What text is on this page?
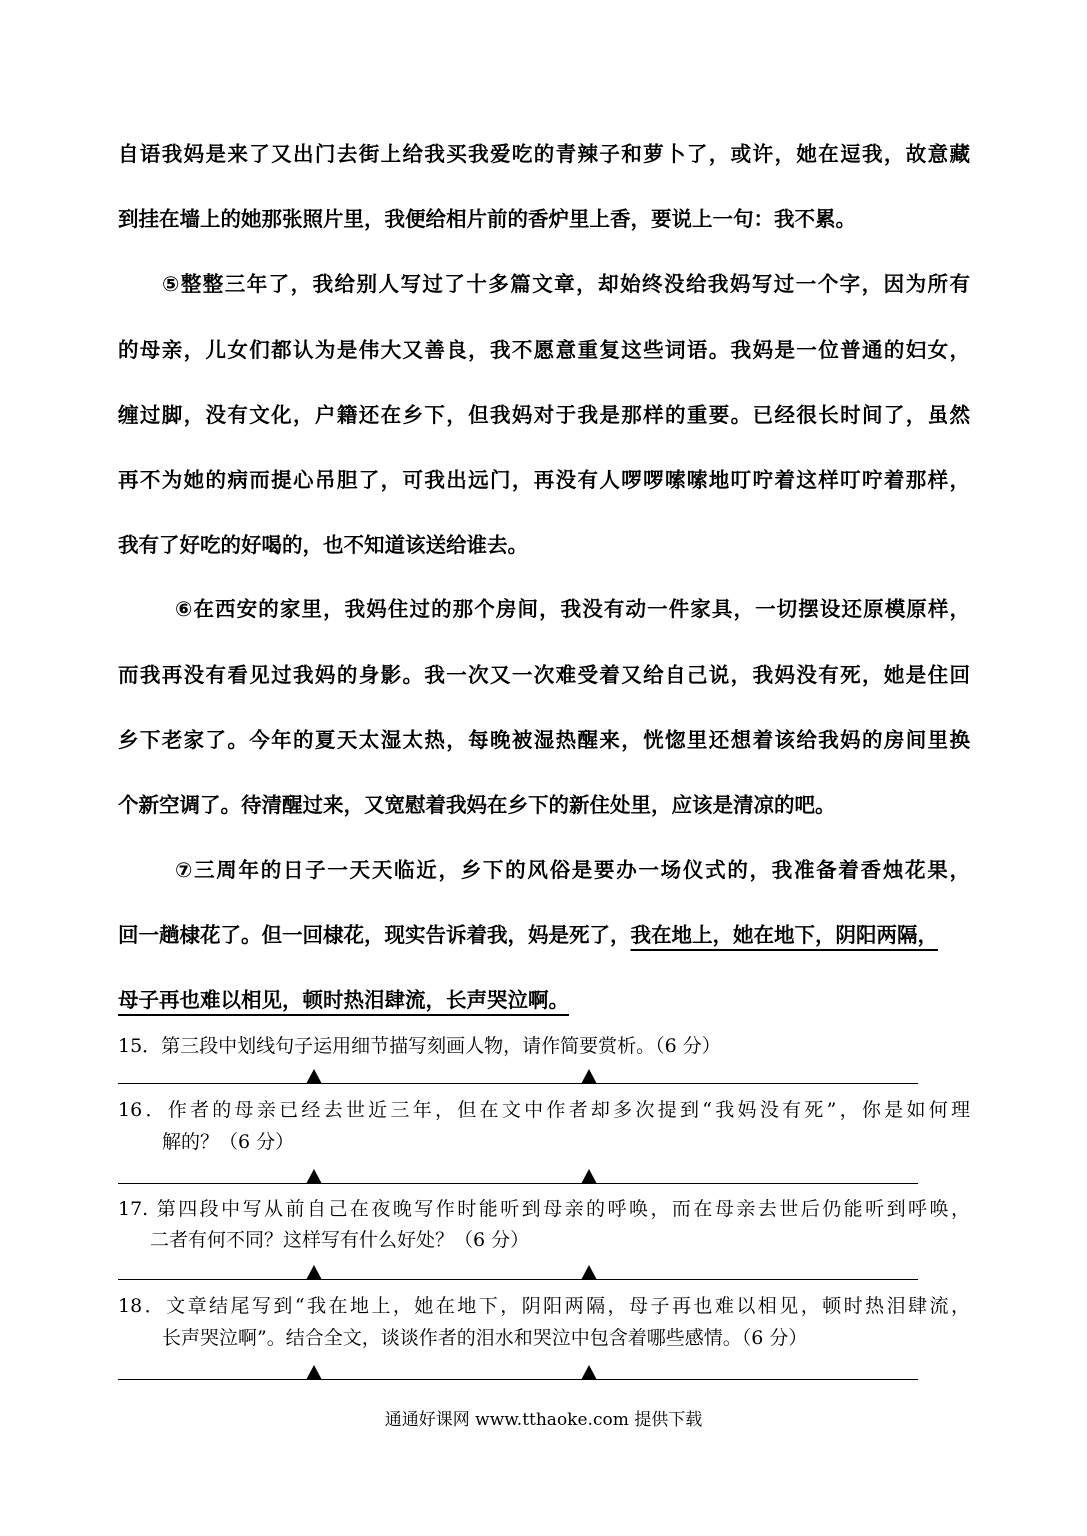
自语我妈是来了又出门去街上给我买我爱吃的青辣子和萝卜了，或许，她在逗我，故意藏
到挂在墙上的她那张照片里，我便给相片前的香炉里上香，要说上一句：我不累。
⑤整整三年了，我给别人写过了十多篇文章，却始终没给我妈写过一个字，因为所有
的母亲，儿女们都认为是伟大又善良，我不愿意重复这些词语。我妈是一位普通的妇女，
缠过脚，没有文化，户籍还在乡下，但我妈对于我是那样的重要。已经很长时间了，虽然
再不为她的病而提心吊胆了，可我出远门，再没有人啰啰嗦嗦地叮咛着这样叮咛着那样，
我有了好吃的好喝的，也不知道该送给谁去。
⑥在西安的家里，我妈住过的那个房间，我没有动一件家具，一切摆设还原模原样，
而我再没有看见过我妈的身影。我一次又一次难受着又给自己说，我妈没有死，她是住回
乡下老家了。今年的夏天太湿太热，每晚被湿热醒来，恍惚里还想着该给我妈的房间里换
个新空调了。待清醒过来，又宽慰着我妈在乡下的新住处里，应该是清凉的吧。
⑦三周年的日子一天天临近，乡下的风俗是要办一场仪式的，我准备着香烛花果，
回一趟棣花了。但一回棣花，现实告诉着我，妈是死了，我在地上，她在地下，阴阳两隔，
母子再也难以相见，顿时热泪肆流，长声哭泣啊。
15．第三段中划线句子运用细节描写刻画人物，请作简要赏析。（6 分）
16．作者的母亲已经去世近三年，但在文中作者却多次提到“我妈没有死”，你是如何理
解的？（6 分）
17. 第四段中写从前自己在夜晚写作时能听到母亲的呼唤，而在母亲去世后仍能听到呼唤，
二者有何不同？这样写有什么好处？（6 分）
18．文章结尾写到“我在地上，她在地下，阴阳两隔，母子再也难以相见，顿时热泪肆流，
长声哭泣啊”。结合全文，谈谈作者的泪水和哭泣中包含着哪些感情。（6 分）
通通好课网 www.tthaoke.com 提供下载
